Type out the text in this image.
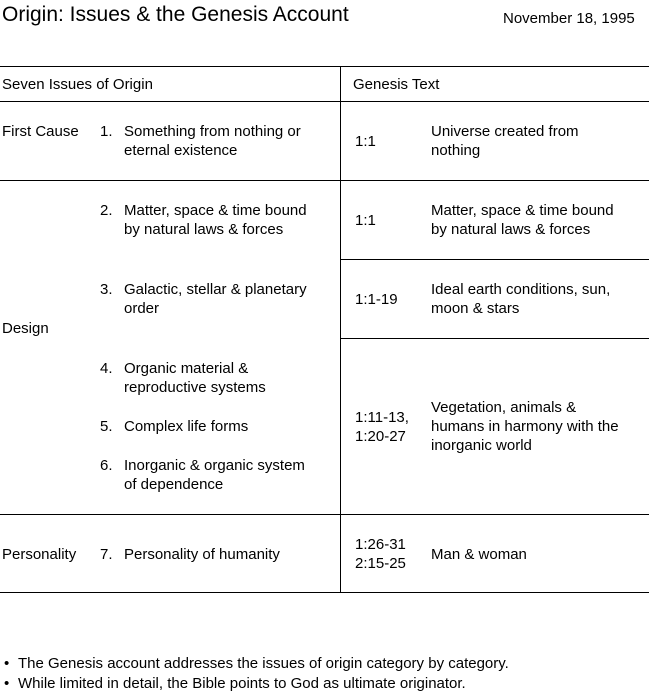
Origin: Issues & the Genesis Account	November 18, 1995
Seven Issues of Origin	Genesis Text
First Cause
Design
Personality
1. Something from nothing or
eternal existence
2. Matter, space & time bound
by natural laws & forces
3. Galactic, stellar & planetary
order
4. Organic material &
reproductive systems
5. Complex life forms
6. Inorganic & organic system
of dependence
7. Personality of humanity
1:1
Universe created from
nothing
1:1
Matter, space & time bound
by natural laws & forces
1:1-19
Ideal earth conditions, sun,
moon & stars
1:11-13,
1:20-27
Vegetation, animals &
humans in harmony with the
inorganic world
1:26-31
2:15-25
Man & woman
• The Genesis account addresses the issues of origin category by category.
• While limited in detail, the Bible points to God as ultimate originator.
